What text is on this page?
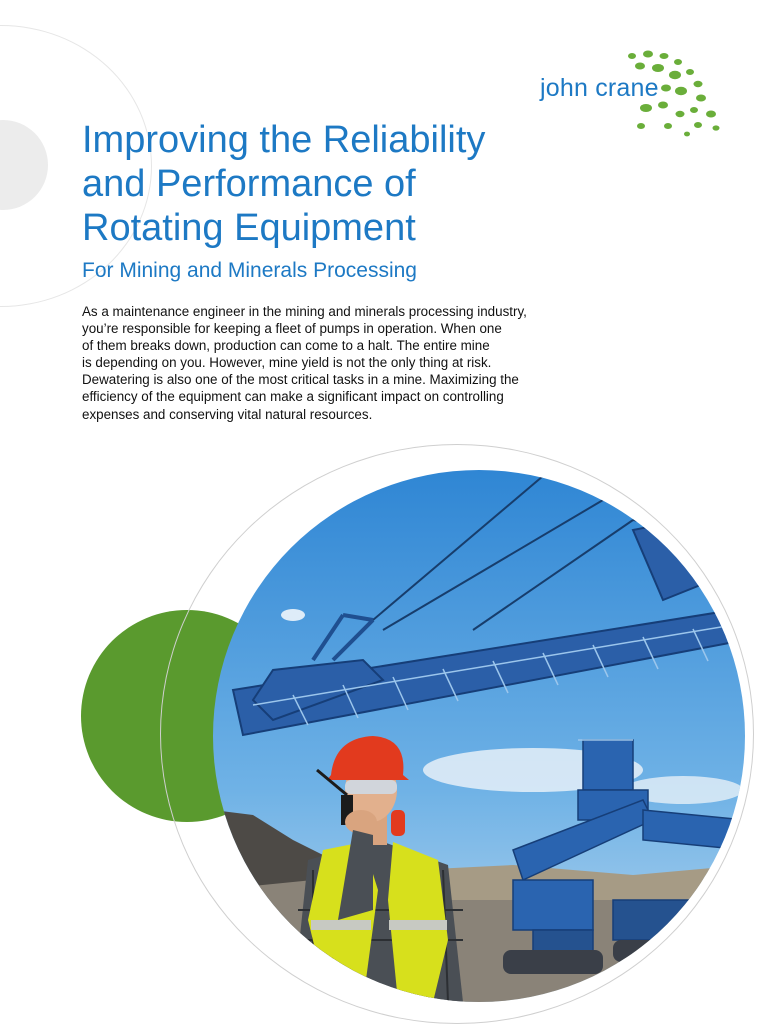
john crane
Improving the Reliability
and Performance of
Rotating Equipment
For Mining and Minerals Processing

As a maintenance engineer in the mining and minerals processing industry,
you’re responsible for keeping a fleet of pumps in operation. When one
of them breaks down, production can come to a halt. The entire mine
is depending on you. However, mine yield is not the only thing at risk.
Dewatering is also one of the most critical tasks in a mine. Maximizing the
efficiency of the equipment can make a significant impact on controlling
expenses and conserving vital natural resources.
